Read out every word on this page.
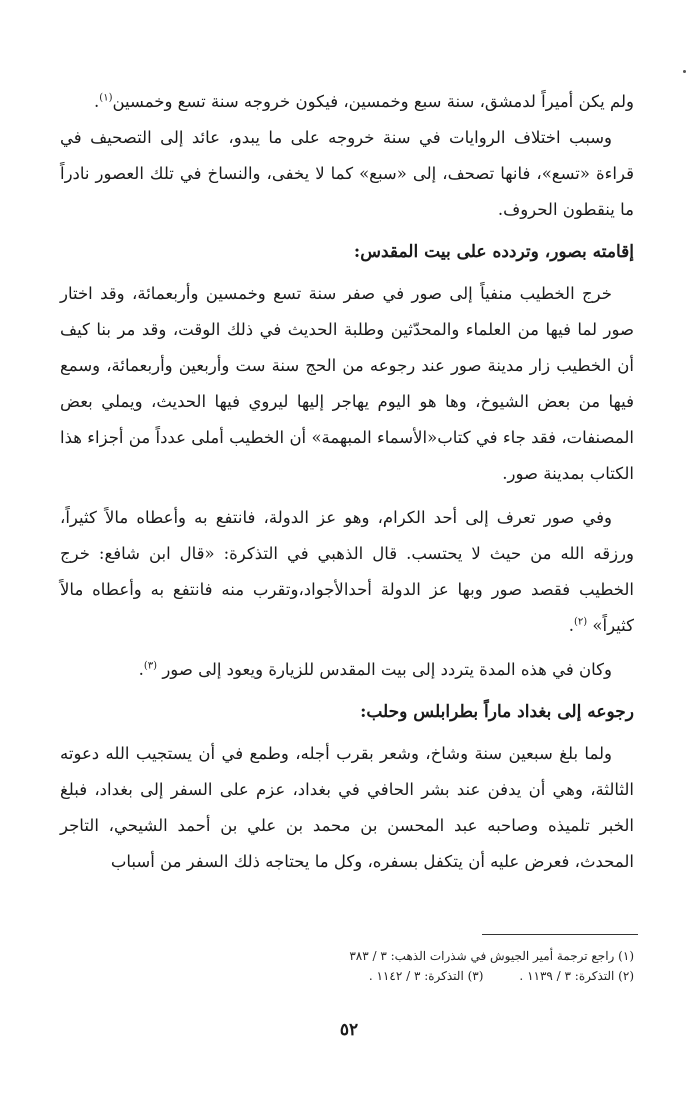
ولم يكن أميراً لدمشق، سنة سبع وخمسين، فيكون خروجه سنة تسع وخمسين$^{(١)}$.

وسبب اختلاف الروايات في سنة خروجه على ما يبدو، عائد إلى التصحيف في قراءة «تسع»، فانها تصحف، إلى «سبع» كما لا يخفى، والنساخ في تلك العصور نادراً ما ينقطون الحروف.

إقامته بصور، وتردده على بيت المقدس:

خرج الخطيب منفياً إلى صور في صفر سنة تسع وخمسين وأربعمائة، وقد اختار صور لما فيها من العلماء والمحدّثين وطلبة الحديث في ذلك الوقت، وقد مر بنا كيف أن الخطيب زار مدينة صور عند رجوعه من الحج سنة ست وأربعين وأربعمائة، وسمع فيها من بعض الشيوخ، وها هو اليوم يهاجر إليها ليروي فيها الحديث، ويملي بعض المصنفات، فقد جاء في كتاب«الأسماء المبهمة» أن الخطيب أملى عدداً من أجزاء هذا الكتاب بمدينة صور.

وفي صور تعرف إلى أحد الكرام، وهو عز الدولة، فانتفع به وأعطاه مالاً كثيراً، ورزقه الله من حيث لا يحتسب. قال الذهبي في التذكرة: «قال ابن شافع: خرج الخطيب فقصد صور وبها عز الدولة أحدالأجواد،وتقرب منه فانتفع به وأعطاه مالاً كثيراً» $^{(٢)}$.

وكان في هذه المدة يتردد إلى بيت المقدس للزيارة ويعود إلى صور $^{(٣)}$.

رجوعه إلى بغداد ماراً بطرابلس وحلب:

ولما بلغ سبعين سنة وشاخ، وشعر بقرب أجله، وطمع في أن يستجيب الله دعوته الثالثة، وهي أن يدفن عند بشر الحافي في بغداد، عزم على السفر إلى بغداد، فبلغ الخبر تلميذه وصاحبه عبد المحسن بن محمد بن علي بن أحمد الشيحي، التاجر المحدث، فعرض عليه أن يتكفل بسفره، وكل ما يحتاجه ذلك السفر من أسباب

(١) راجع ترجمة أمير الجيوش في شذرات الذهب: ٣ / ٣٨٣
(٢) التذكرة: ٣ / ١١٣٩ .
(٣) التذكرة: ٣ / ١١٤٢ .
٥٢
